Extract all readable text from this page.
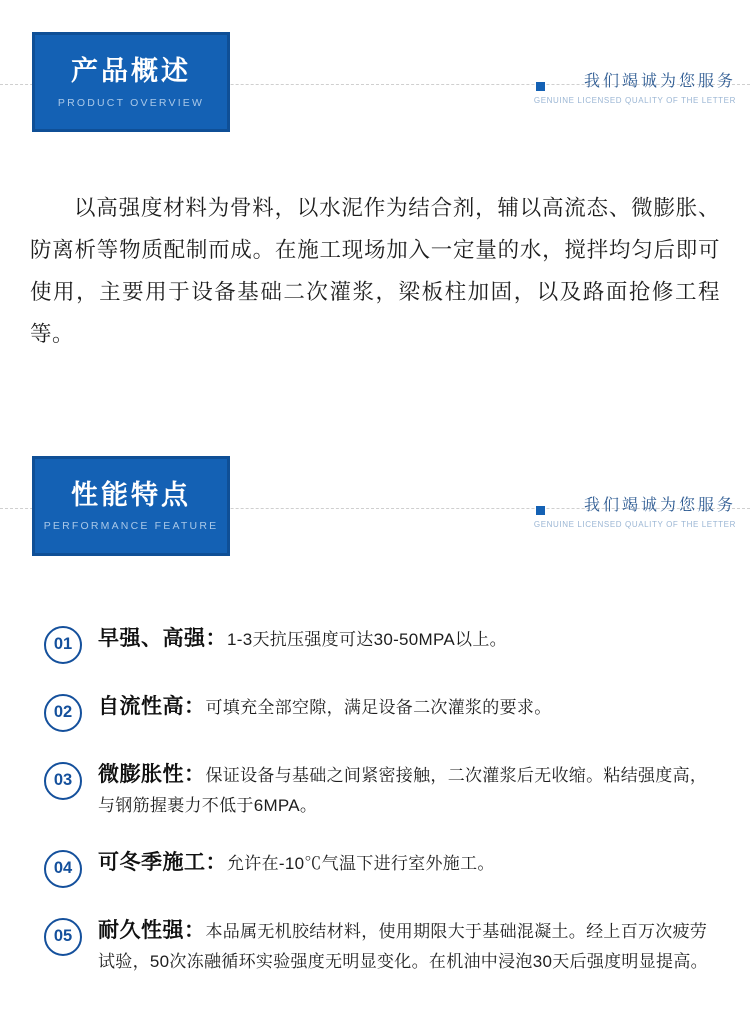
产品概述
PRODUCT OVERVIEW
我们竭诚为您服务
GENUINE LICENSED QUALITY OF THE LETTER
以高强度材料为骨料，以水泥作为结合剂，辅以高流态、微膨胀、防离析等物质配制而成。在施工现场加入一定量的水，搅拌均匀后即可使用，主要用于设备基础二次灌浆，梁板柱加固，以及路面抢修工程等。
性能特点
PERFORMANCE FEATURE
我们竭诚为您服务
GENUINE LICENSED QUALITY OF THE LETTER
01	早强、高强：1-3天抗压强度可达30-50MPA以上。
02	自流性高：可填充全部空隙，满足设备二次灌浆的要求。
03	微膨胀性：保证设备与基础之间紧密接触，二次灌浆后无收缩。粘结强度高，与钢筋握裹力不低于6MPA。
04	可冬季施工：允许在-10℃气温下进行室外施工。
05	耐久性强：本品属无机胶结材料，使用期限大于基础混凝土。经上百万次疲劳试验，50次冻融循环实验强度无明显变化。在机油中浸泡30天后强度明显提高。
